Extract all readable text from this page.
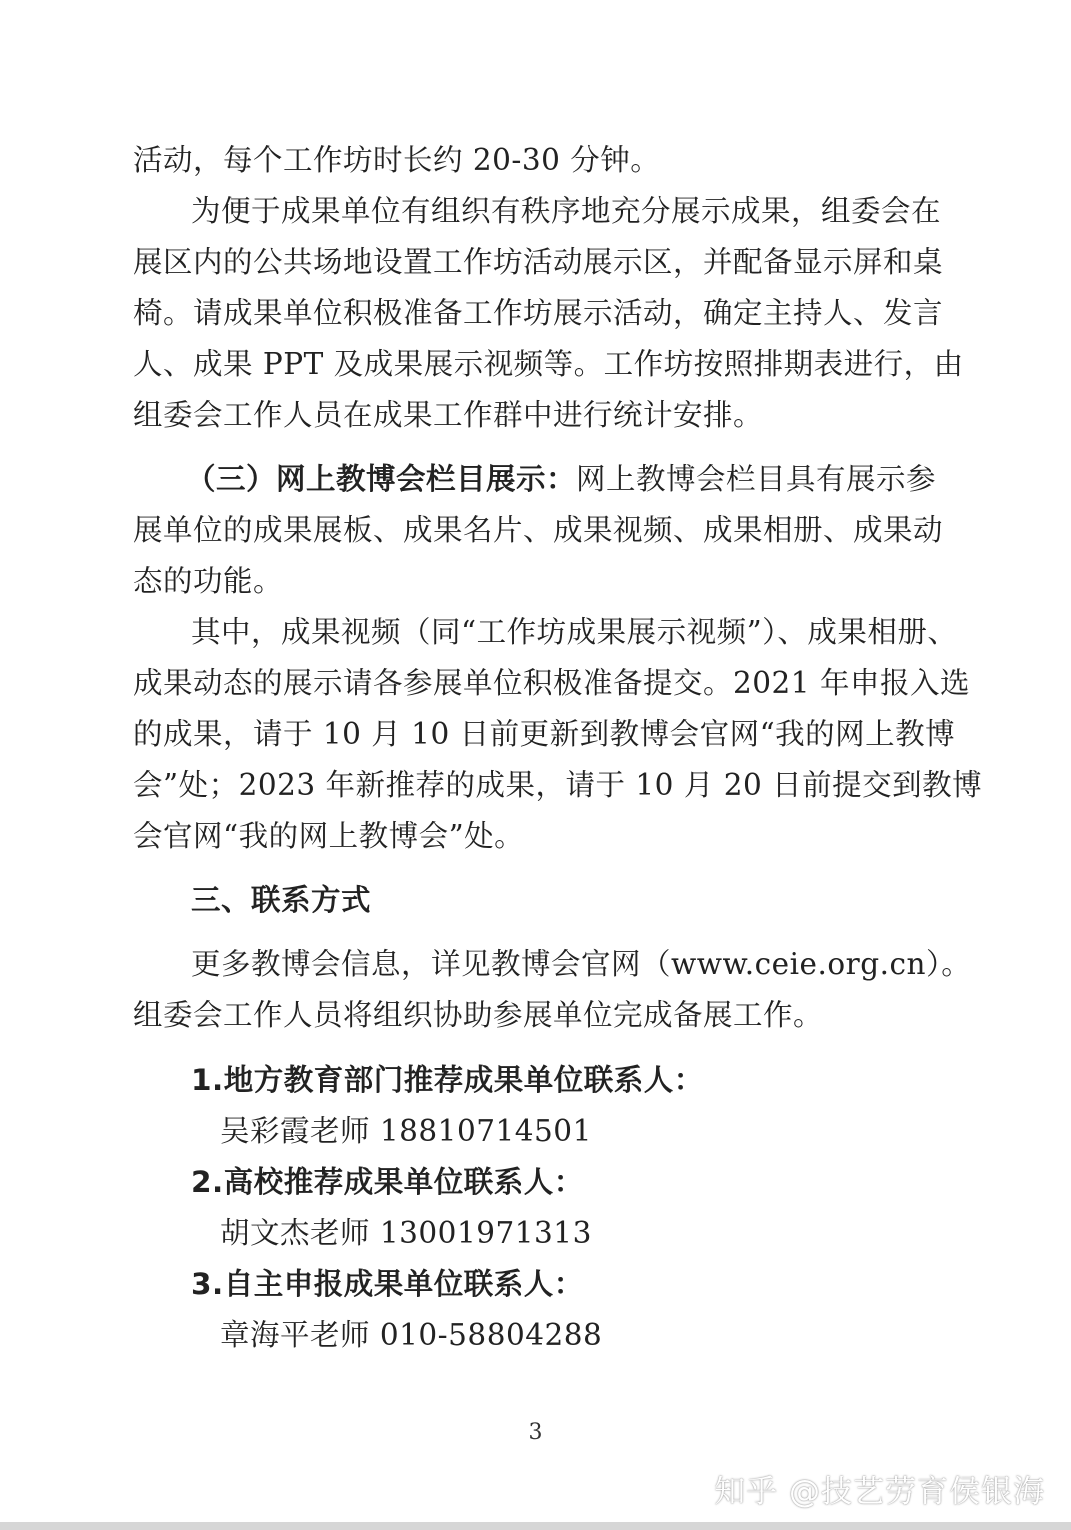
活动，每个工作坊时长约 20-30 分钟。
为便于成果单位有组织有秩序地充分展示成果，组委会在
展区内的公共场地设置工作坊活动展示区，并配备显示屏和桌
椅。请成果单位积极准备工作坊展示活动，确定主持人、发言
人、成果 PPT 及成果展示视频等。工作坊按照排期表进行，由
组委会工作人员在成果工作群中进行统计安排。
（三）网上教博会栏目展示：网上教博会栏目具有展示参
展单位的成果展板、成果名片、成果视频、成果相册、成果动
态的功能。
其中，成果视频（同“工作坊成果展示视频”）、成果相册、
成果动态的展示请各参展单位积极准备提交。2021 年申报入选
的成果，请于 10 月 10 日前更新到教博会官网“我的网上教博
会”处；2023 年新推荐的成果，请于 10 月 20 日前提交到教博
会官网“我的网上教博会”处。
三、联系方式
更多教博会信息，详见教博会官网（www.ceie.org.cn）。
组委会工作人员将组织协助参展单位完成备展工作。
1.地方教育部门推荐成果单位联系人：
吴彩霞老师 18810714501
2.高校推荐成果单位联系人：
胡文杰老师 13001971313
3.自主申报成果单位联系人：
章海平老师 010-58804288
3
知乎 @技艺劳育侯银海
